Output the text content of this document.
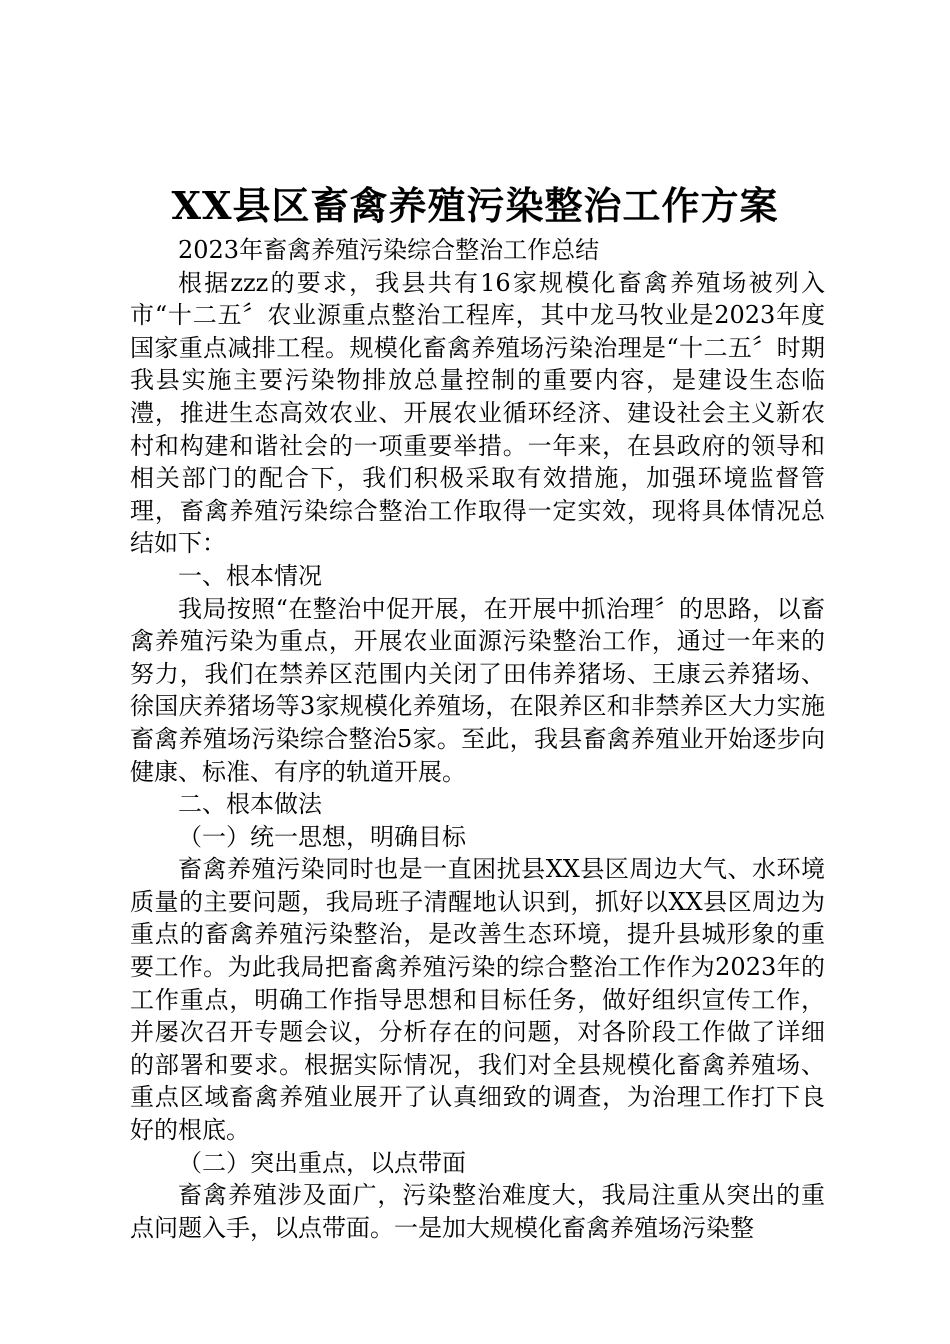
XX县区畜禽养殖污染整治工作方案

2023年畜禽养殖污染综合整治工作总结

根据zzz的要求，我县共有16家规模化畜禽养殖场被列入市“十二五〞农业源重点整治工程库，其中龙马牧业是2023年度国家重点减排工程。规模化畜禽养殖场污染治理是“十二五〞时期我县实施主要污染物排放总量控制的重要内容，是建设生态临澧，推进生态高效农业、开展农业循环经济、建设社会主义新农村和构建和谐社会的一项重要举措。一年来，在县政府的领导和相关部门的配合下，我们积极采取有效措施，加强环境监督管理，畜禽养殖污染综合整治工作取得一定实效，现将具体情况总结如下：

一、根本情况

我局按照“在整治中促开展，在开展中抓治理〞的思路，以畜禽养殖污染为重点，开展农业面源污染整治工作，通过一年来的努力，我们在禁养区范围内关闭了田伟养猪场、王康云养猪场、徐国庆养猪场等3家规模化养殖场，在限养区和非禁养区大力实施畜禽养殖场污染综合整治5家。至此，我县畜禽养殖业开始逐步向健康、标准、有序的轨道开展。

二、根本做法

（一）统一思想，明确目标

畜禽养殖污染同时也是一直困扰县XX县区周边大气、水环境质量的主要问题，我局班子清醒地认识到，抓好以XX县区周边为重点的畜禽养殖污染整治，是改善生态环境，提升县城形象的重要工作。为此我局把畜禽养殖污染的综合整治工作作为2023年的工作重点，明确工作指导思想和目标任务，做好组织宣传工作，并屡次召开专题会议，分析存在的问题，对各阶段工作做了详细的部署和要求。根据实际情况，我们对全县规模化畜禽养殖场、重点区域畜禽养殖业展开了认真细致的调查，为治理工作打下良好的根底。

（二）突出重点，以点带面

畜禽养殖涉及面广，污染整治难度大，我局注重从突出的重点问题入手，以点带面。一是加大规模化畜禽养殖场污染整
